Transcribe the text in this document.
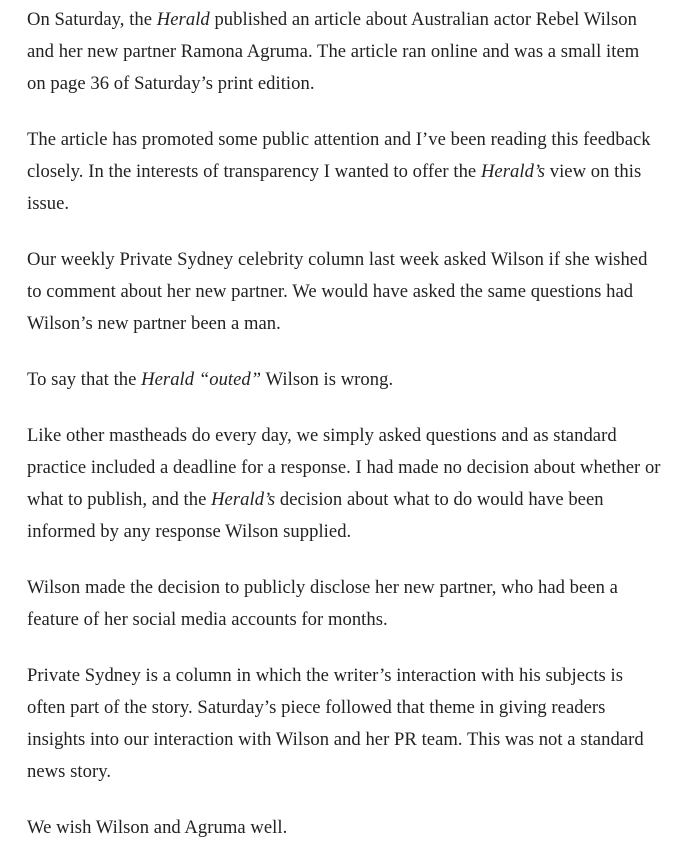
On Saturday, the Herald published an article about Australian actor Rebel Wilson and her new partner Ramona Agruma. The article ran online and was a small item on page 36 of Saturday’s print edition.

The article has promoted some public attention and I’ve been reading this feedback closely. In the interests of transparency I wanted to offer the Herald’s view on this issue.

Our weekly Private Sydney celebrity column last week asked Wilson if she wished to comment about her new partner. We would have asked the same questions had Wilson’s new partner been a man.

To say that the Herald “outed” Wilson is wrong.

Like other mastheads do every day, we simply asked questions and as standard practice included a deadline for a response. I had made no decision about whether or what to publish, and the Herald’s decision about what to do would have been informed by any response Wilson supplied.

Wilson made the decision to publicly disclose her new partner, who had been a feature of her social media accounts for months.

Private Sydney is a column in which the writer’s interaction with his subjects is often part of the story. Saturday’s piece followed that theme in giving readers insights into our interaction with Wilson and her PR team. This was not a standard news story.

We wish Wilson and Agruma well.
